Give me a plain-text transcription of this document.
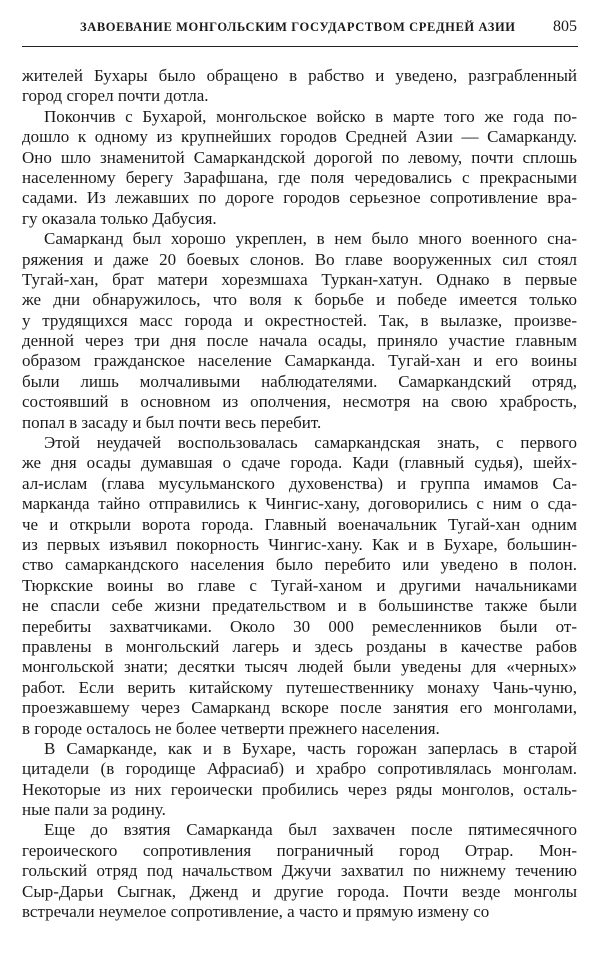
ЗАВОЕВАНИЕ МОНГОЛЬСКИМ ГОСУДАРСТВОМ СРЕДНЕЙ АЗИИ 805
жителей Бухары было обращено в рабство и уведено, разграбленный
город сгорел почти дотла.
Покончив с Бухарой, монгольское войско в марте того же года по-
дошло к одному из крупнейших городов Средней Азии — Самарканду.
Оно шло знаменитой Самаркандской дорогой по левому, почти сплошь
населенному берегу Зарафшана, где поля чередовались с прекрасными
садами. Из лежавших по дороге городов серьезное сопротивление вра-
гу оказала только Дабусия.
Самарканд был хорошо укреплен, в нем было много военного сна-
ряжения и даже 20 боевых слонов. Во главе вооруженных сил стоял
Тугай-хан, брат матери хорезмшаха Туркан-хатун. Однако в первые
же дни обнаружилось, что воля к борьбе и победе имеется только
у трудящихся масс города и окрестностей. Так, в вылазке, произве-
денной через три дня после начала осады, приняло участие главным
образом гражданское население Самарканда. Тугай-хан и его воины
были лишь молчаливыми наблюдателями. Самаркандский отряд,
состоявший в основном из ополчения, несмотря на свою храбрость,
попал в засаду и был почти весь перебит.
Этой неудачей воспользовалась самаркандская знать, с первого
же дня осады думавшая о сдаче города. Кади (главный судья), шейх-
ал-ислам (глава мусульманского духовенства) и группа имамов Са-
марканда тайно отправились к Чингис-хану, договорились с ним о сда-
че и открыли ворота города. Главный военачальник Тугай-хан одним
из первых изъявил покорность Чингис-хану. Как и в Бухаре, большин-
ство самаркандского населения было перебито или уведено в полон.
Тюркские воины во главе с Тугай-ханом и другими начальниками
не спасли себе жизни предательством и в большинстве также были
перебиты захватчиками. Около 30 000 ремесленников были от-
правлены в монгольский лагерь и здесь розданы в качестве рабов
монгольской знати; десятки тысяч людей были уведены для «черных»
работ. Если верить китайскому путешественнику монаху Чань-чуню,
проезжавшему через Самарканд вскоре после занятия его монголами,
в городе осталось не более четверти прежнего населения.
В Самарканде, как и в Бухаре, часть горожан заперлась в старой
цитадели (в городище Афрасиаб) и храбро сопротивлялась монголам.
Некоторые из них героически пробились через ряды монголов, осталь-
ные пали за родину.
Еще до взятия Самарканда был захвачен после пятимесячного
героического сопротивления пограничный город Отрар. Мон-
гольский отряд под начальством Джучи захватил по нижнему течению
Сыр-Дарьи Сыгнак, Дженд и другие города. Почти везде монголы
встречали неумелое сопротивление, а часто и прямую измену со
